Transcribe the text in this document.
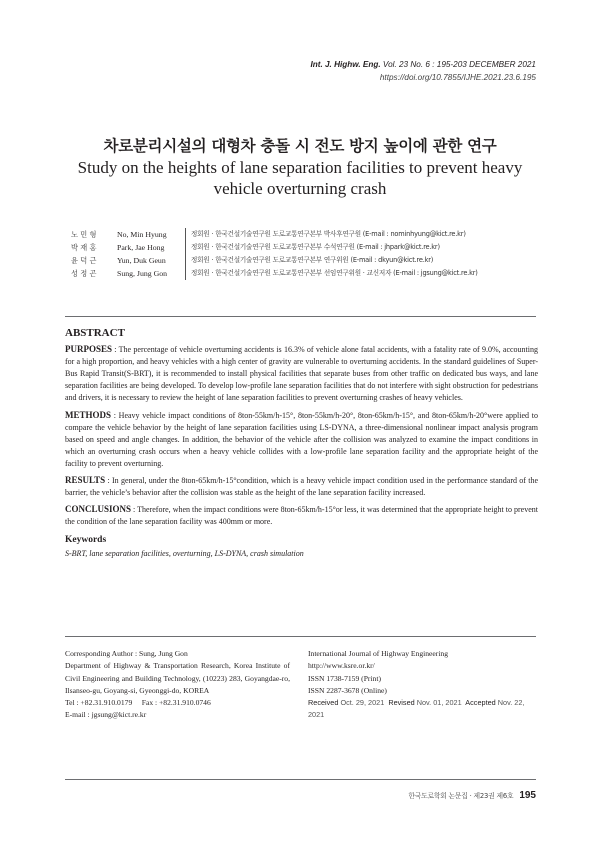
Int. J. Highw. Eng. Vol. 23 No. 6 : 195-203 DECEMBER 2021
https://doi.org/10.7855/IJHE.2021.23.6.195
차로분리시설의 대형차 충돌 시 전도 방지 높이에 관한 연구
Study on the heights of lane separation facilities to prevent heavy vehicle overturning crash
노 민 형	No, Min Hyung	정회원 · 한국건설기술연구원 도로교통연구본부 박사후연구원 (E-mail : nominhyung@kict.re.kr)
박 재 홍	Park, Jae Hong	정회원 · 한국건설기술연구원 도로교통연구본부 수석연구원 (E-mail : jhpark@kict.re.kr)
윤 덕 근	Yun, Duk Geun	정회원 · 한국건설기술연구원 도로교통연구본부 연구위원 (E-mail : dkyun@kict.re.kr)
성 정 곤	Sung, Jung Gon	정회원 · 한국건설기술연구원 도로교통연구본부 선임연구위원 · 교신저자 (E-mail : jgsung@kict.re.kr)
ABSTRACT

PURPOSES : The percentage of vehicle overturning accidents is 16.3% of vehicle alone fatal accidents, with a fatality rate of 9.0%, accounting for a high proportion, and heavy vehicles with a high center of gravity are vulnerable to overturning accidents. In the standard guidelines of Super-Bus Rapid Transit(S-BRT), it is recommended to install physical facilities that separate buses from other traffic on dedicated bus ways, and lane separation facilities are being developed. To develop low-profile lane separation facilities that do not interfere with sight obstruction for pedestrians and drivers, it is necessary to review the height of lane separation facilities to prevent overturning crashes of heavy vehicles.

METHODS : Heavy vehicle impact conditions of 8ton-55km/h-15°, 8ton-55km/h-20°, 8ton-65km/h-15°, and 8ton-65km/h-20°were applied to compare the vehicle behavior by the height of lane separation facilities using LS-DYNA, a three-dimensional nonlinear impact analysis program based on speed and angle changes. In addition, the behavior of the vehicle after the collision was analyzed to examine the impact conditions in which an overturning crash occurs when a heavy vehicle collides with a low-profile lane separation facility and the appropriate height of the facility to prevent overturning.

RESULTS : In general, under the 8ton-65km/h-15°condition, which is a heavy vehicle impact condition used in the performance standard of the barrier, the vehicle’s behavior after the collision was stable as the height of the lane separation facility increased.

CONCLUSIONS : Therefore, when the impact conditions were 8ton-65km/h-15°or less, it was determined that the appropriate height to prevent the condition of the lane separation facility was 400mm or more.

Keywords
S-BRT, lane separation facilities, overturning, LS-DYNA, crash simulation
Corresponding Author : Sung, Jung Gon
Department of Highway & Transportation Research, Korea Institute of Civil Engineering and Building Technology, (10223) 283, Goyangdae-ro, Ilsanseo-gu, Goyang-si, Gyeonggi-do, KOREA
Tel : +82.31.910.0179     Fax : +82.31.910.0746
E-mail : jgsung@kict.re.kr
International Journal of Highway Engineering
http://www.ksre.or.kr/
ISSN 1738-7159 (Print)
ISSN 2287-3678 (Online)
Received Oct. 29, 2021 Revised Nov. 01, 2021 Accepted Nov. 22, 2021
한국도로학회 논문집 · 제23권 제6호 195
